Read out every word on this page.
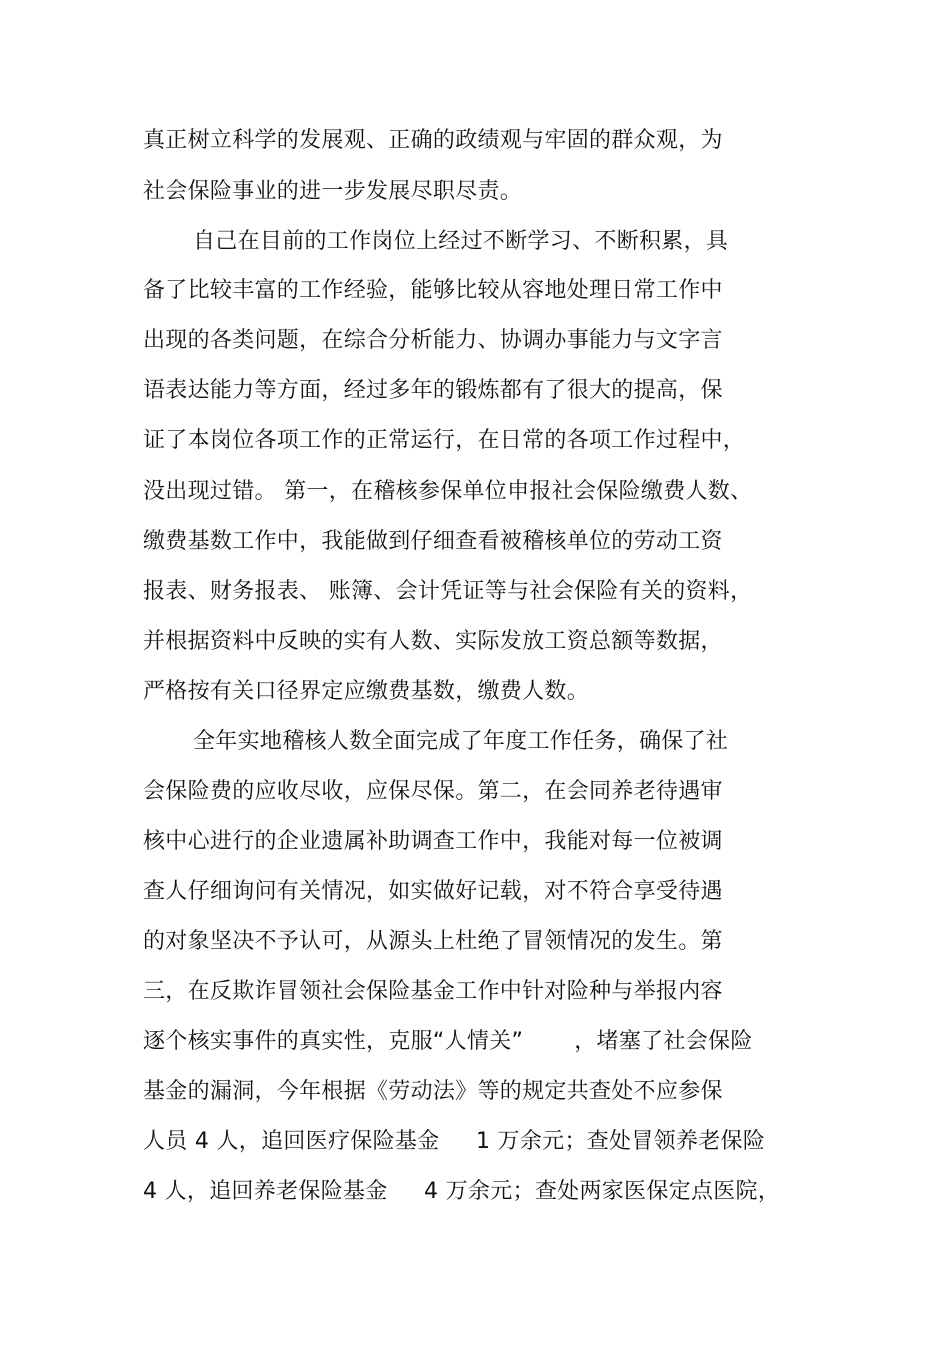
真正树立科学的发展观、正确的政绩观与牢固的群众观，为
社会保险事业的进一步发展尽职尽责。
自己在目前的工作岗位上经过不断学习、不断积累，具
备了比较丰富的工作经验，能够比较从容地处理日常工作中
出现的各类问题，在综合分析能力、协调办事能力与文字言
语表达能力等方面，经过多年的锻炼都有了很大的提高，保
证了本岗位各项工作的正常运行，在日常的各项工作过程中，
没出现过错。 第一，在稽核参保单位申报社会保险缴费人数、
缴费基数工作中，我能做到仔细查看被稽核单位的劳动工资
报表、财务报表、 账簿、会计凭证等与社会保险有关的资料，
并根据资料中反映的实有人数、实际发放工资总额等数据，
严格按有关口径界定应缴费基数，缴费人数。
全年实地稽核人数全面完成了年度工作任务，确保了社
会保险费的应收尽收，应保尽保。第二，在会同养老待遇审
核中心进行的企业遗属补助调查工作中，我能对每一位被调
查人仔细询问有关情况，如实做好记载，对不符合享受待遇
的对象坚决不予认可，从源头上杜绝了冒领情况的发生。第
三，在反欺诈冒领社会保险基金工作中针对险种与举报内容
逐个核实事件的真实性，克服“人情关”       ，堵塞了社会保险
基金的漏洞，今年根据《劳动法》等的规定共查处不应参保
人员 4 人，追回医疗保险基金     1 万余元；查处冒领养老保险
4 人，追回养老保险基金     4 万余元；查处两家医保定点医院，
